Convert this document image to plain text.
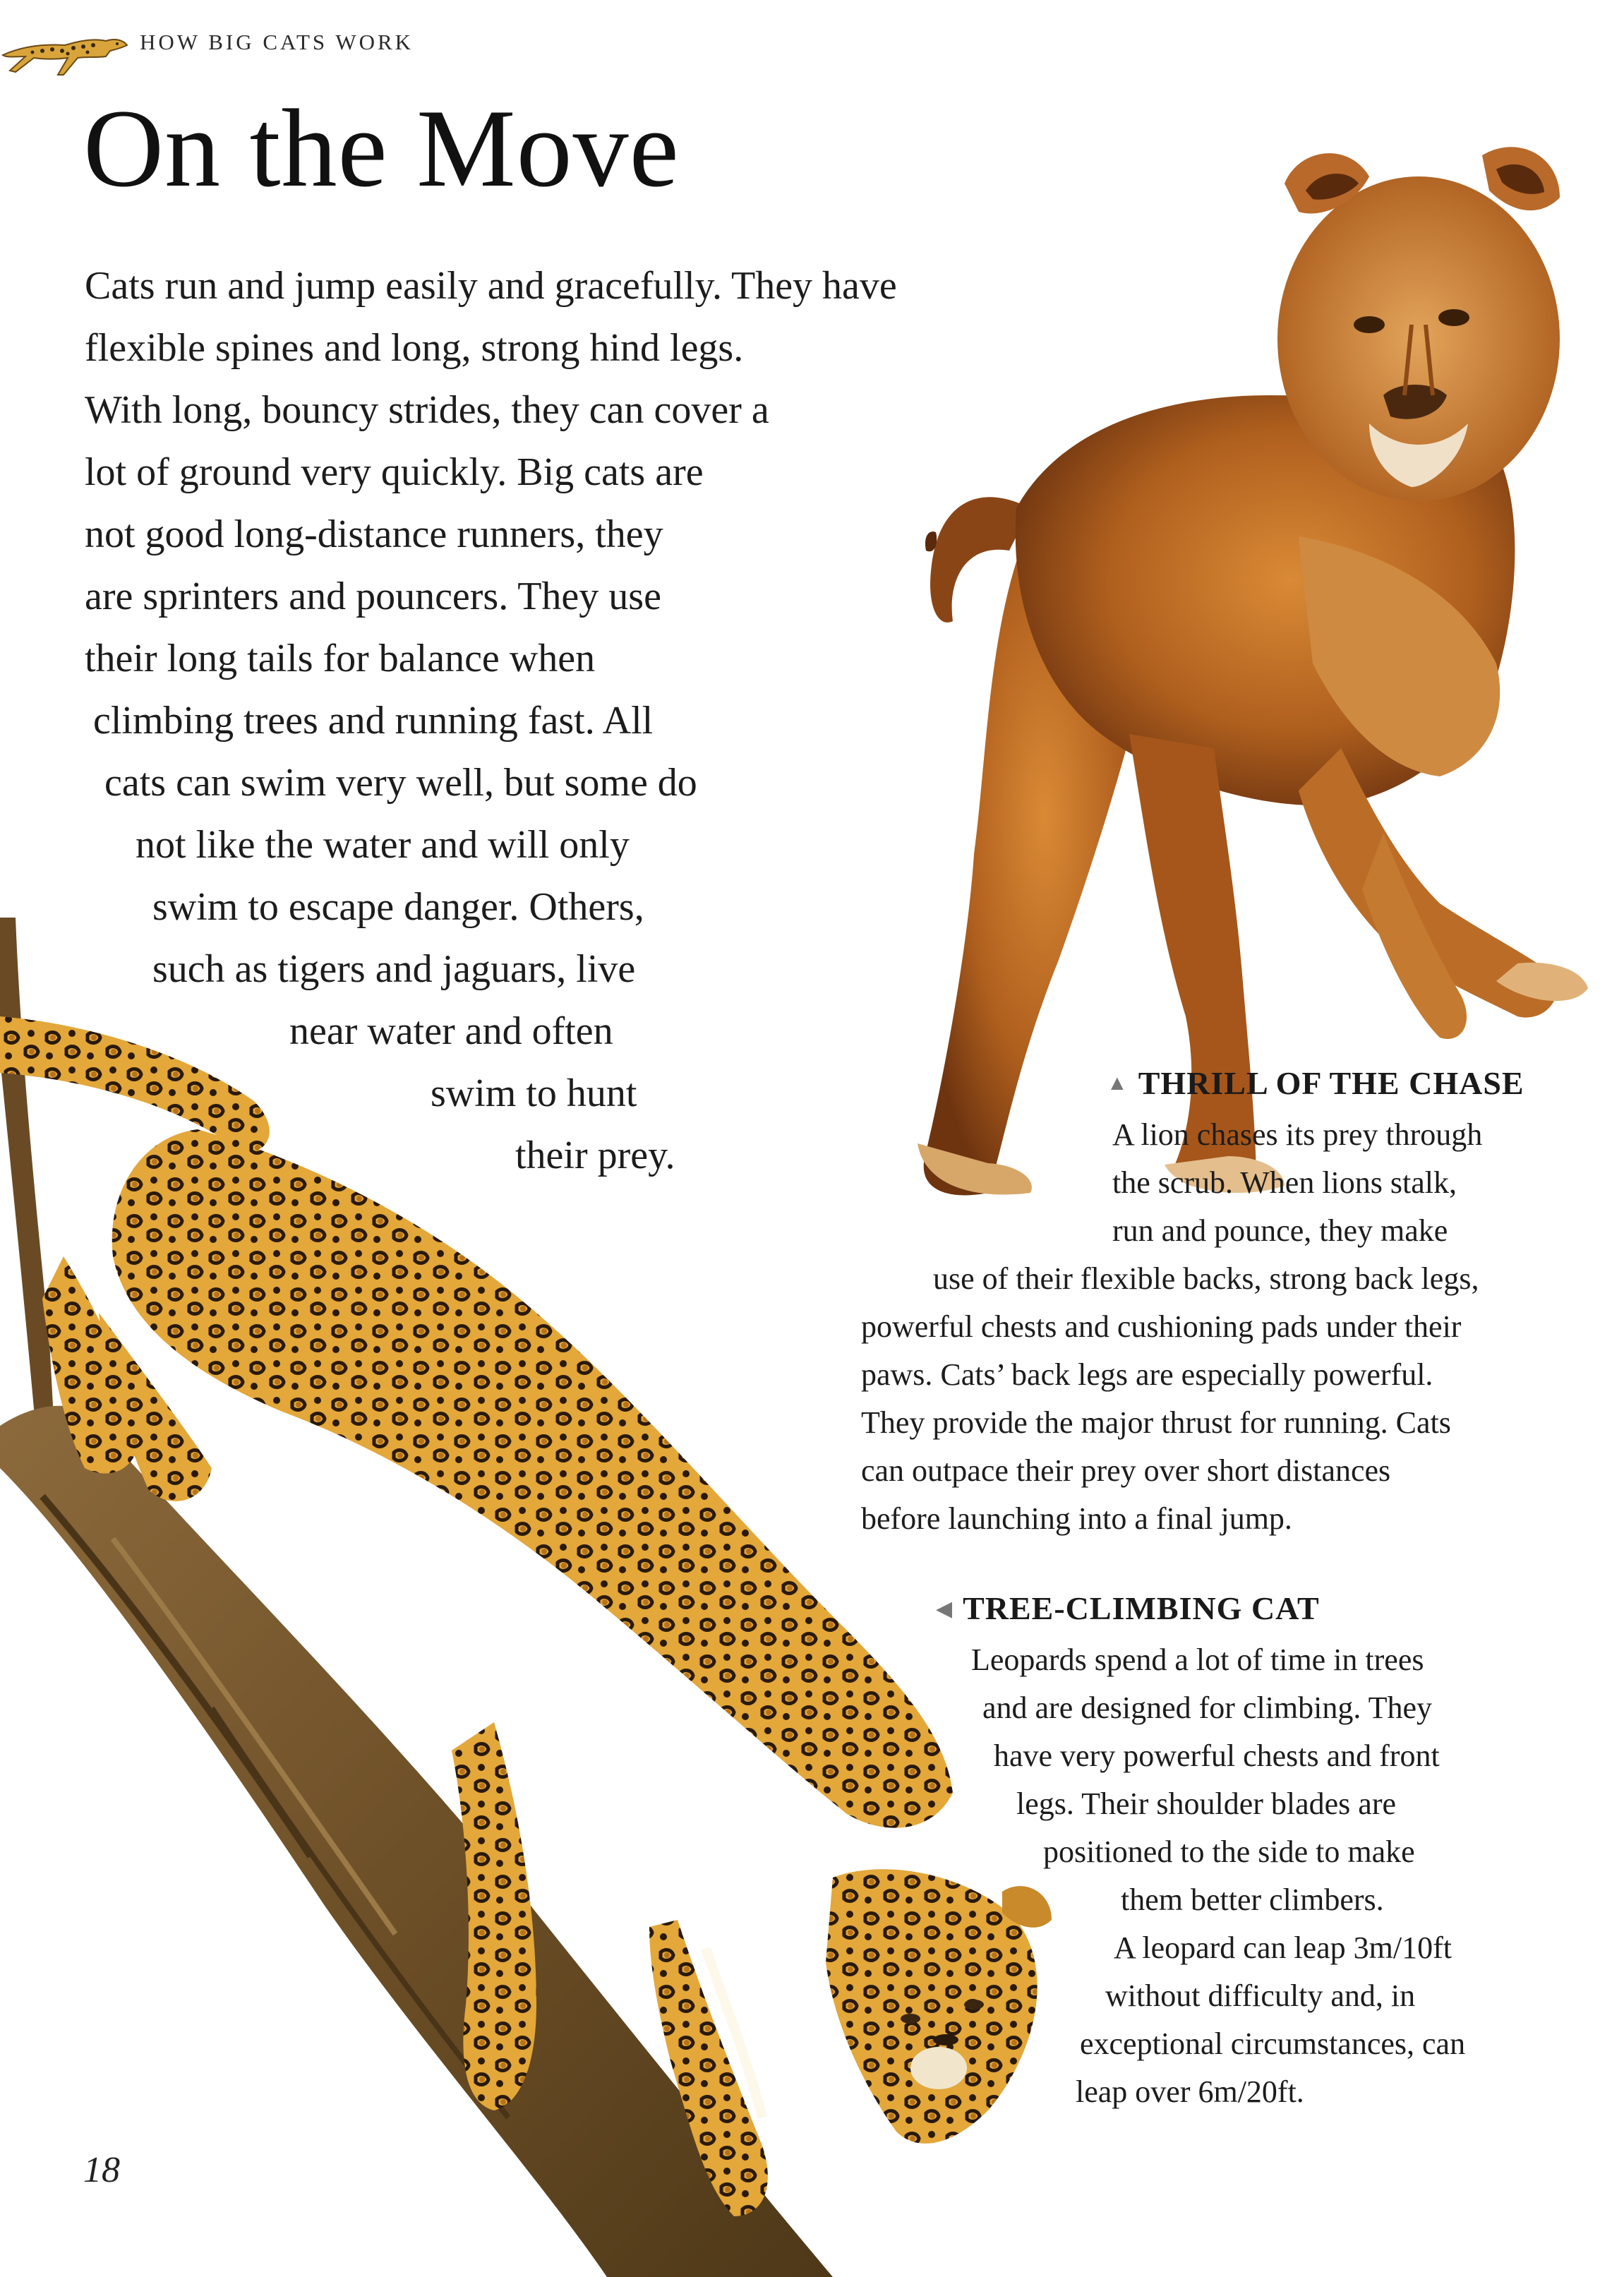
HOW BIG CATS WORK
On the Move
Cats run and jump easily and gracefully. They have
flexible spines and long, strong hind legs.
With long, bouncy strides, they can cover a
lot of ground very quickly. Big cats are
not good long-distance runners, they
are sprinters and pouncers. They use
their long tails for balance when
climbing trees and running fast. All
cats can swim very well, but some do
not like the water and will only
swim to escape danger. Others,
such as tigers and jaguars, live
near water and often
swim to hunt
their prey.
▲ THRILL OF THE CHASE
A lion chases its prey through
the scrub. When lions stalk,
run and pounce, they make
use of their flexible backs, strong back legs,
powerful chests and cushioning pads under their
paws. Cats’ back legs are especially powerful.
They provide the major thrust for running. Cats
can outpace their prey over short distances
before launching into a final jump.
◀ TREE-CLIMBING CAT
Leopards spend a lot of time in trees
and are designed for climbing. They
have very powerful chests and front
legs. Their shoulder blades are
positioned to the side to make
them better climbers.
A leopard can leap 3m/10ft
without difficulty and, in
exceptional circumstances, can
leap over 6m/20ft.
18
